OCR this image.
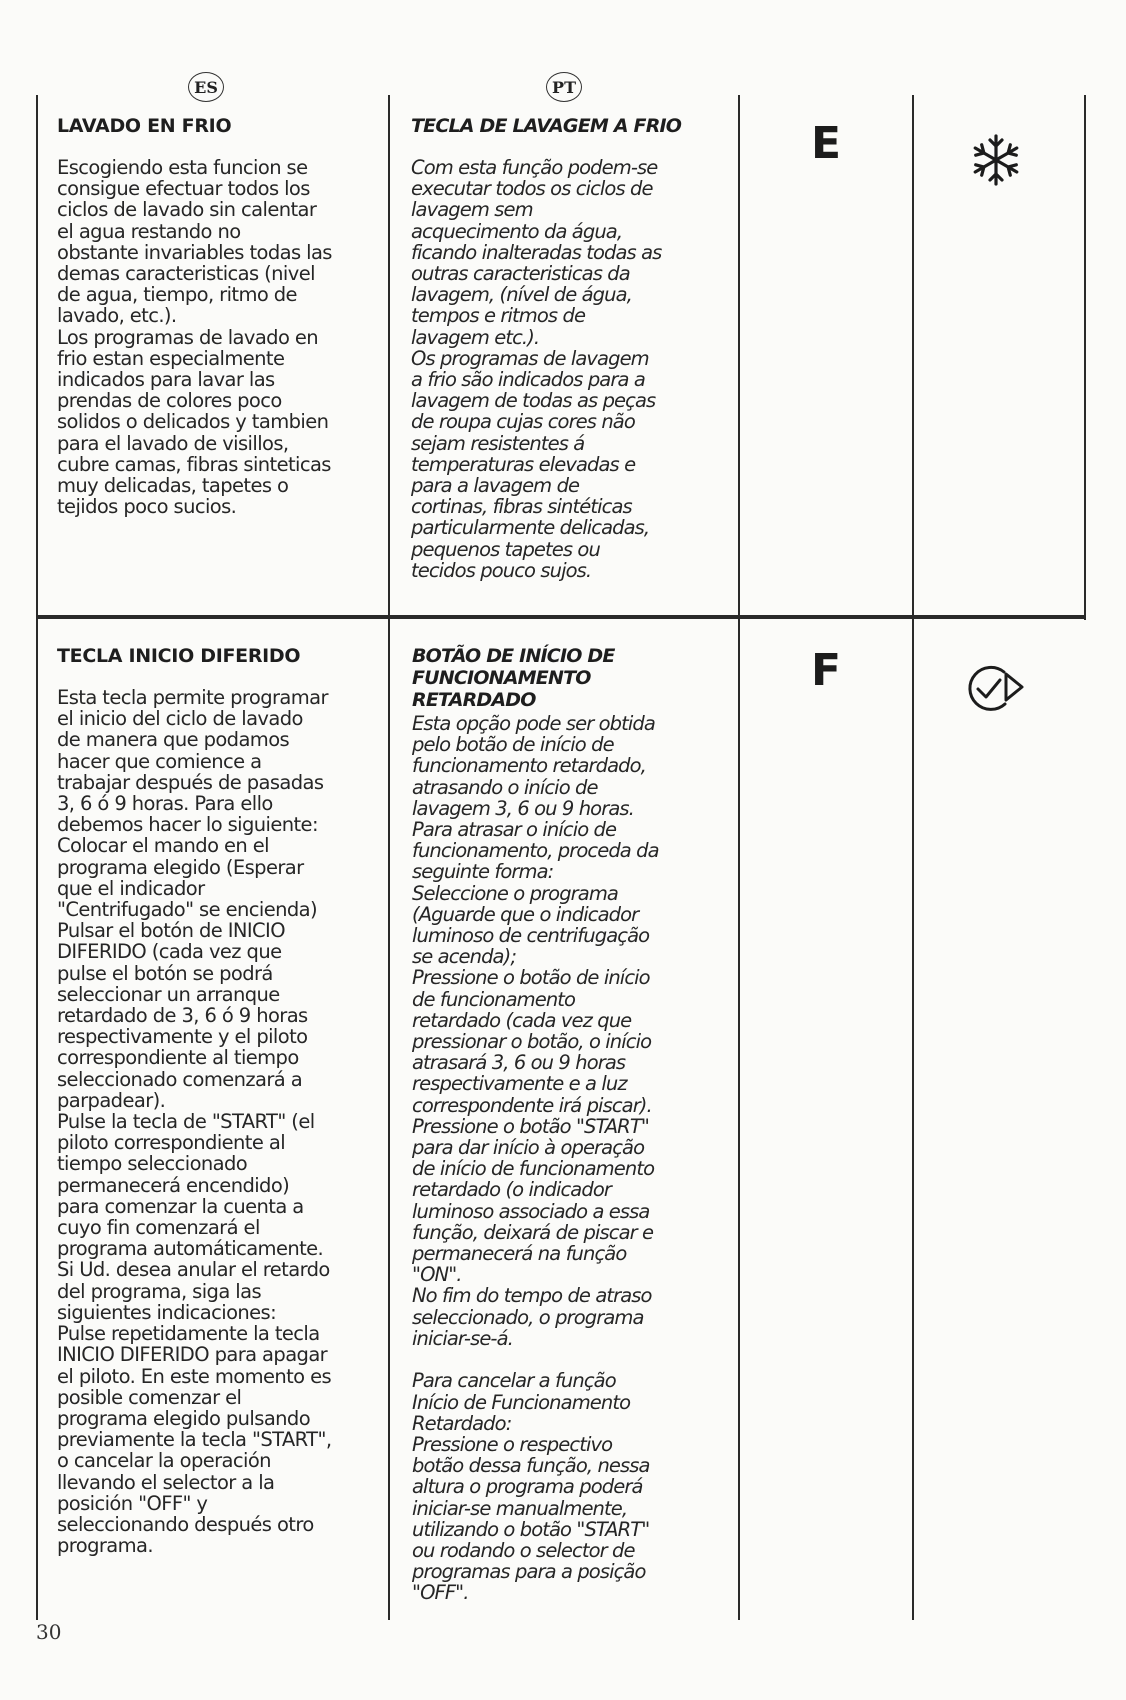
ES	PT

LAVADO EN FRIO

Escogiendo esta funcion se
consigue efectuar todos los
ciclos de lavado sin calentar
el agua restando no
obstante invariables todas las
demas caracteristicas (nivel
de agua, tiempo, ritmo de
lavado, etc.).
Los programas de lavado en
frio estan especialmente
indicados para lavar las
prendas de colores poco
solidos o delicados y tambien
para el lavado de visillos,
cubre camas, fibras sinteticas
muy delicadas, tapetes o
tejidos poco sucios.

TECLA DE LAVAGEM A FRIO

Com esta função podem-se
executar todos os ciclos de
lavagem sem
acquecimento da água,
ficando inalteradas todas as
outras caracteristicas da
lavagem, (nível de água,
tempos e ritmos de
lavagem etc.).
Os programas de lavagem
a frio são indicados para a
lavagem de todas as peças
de roupa cujas cores não
sejam resistentes á
temperaturas elevadas e
para a lavagem de
cortinas, fibras sintéticas
particularmente delicadas,
pequenos tapetes ou
tecidos pouco sujos.

E

TECLA INICIO DIFERIDO

Esta tecla permite programar
el inicio del ciclo de lavado
de manera que podamos
hacer que comience a
trabajar después de pasadas
3, 6 ó 9 horas. Para ello
debemos hacer lo siguiente:
Colocar el mando en el
programa elegido (Esperar
que el indicador
"Centrifugado" se encienda)
Pulsar el botón de INICIO
DIFERIDO (cada vez que
pulse el botón se podrá
seleccionar un arranque
retardado de 3, 6 ó 9 horas
respectivamente y el piloto
correspondiente al tiempo
seleccionado comenzará a
parpadear).
Pulse la tecla de "START" (el
piloto correspondiente al
tiempo seleccionado
permanecerá encendido)
para comenzar la cuenta a
cuyo fin comenzará el
programa automáticamente.
Si Ud. desea anular el retardo
del programa, siga las
siguientes indicaciones:
Pulse repetidamente la tecla
INICIO DIFERIDO para apagar
el piloto. En este momento es
posible comenzar el
programa elegido pulsando
previamente la tecla "START",
o cancelar la operación
llevando el selector a la
posición "OFF" y
seleccionando después otro
programa.

BOTÃO DE INÍCIO DE
FUNCIONAMENTO
RETARDADO

Esta opção pode ser obtida
pelo botão de início de
funcionamento retardado,
atrasando o início de
lavagem 3, 6 ou 9 horas.
Para atrasar o início de
funcionamento, proceda da
seguinte forma:
Seleccione o programa
(Aguarde que o indicador
luminoso de centrifugação
se acenda);
Pressione o botão de início
de funcionamento
retardado (cada vez que
pressionar o botão, o início
atrasará 3, 6 ou 9 horas
respectivamente e a luz
correspondente irá piscar).
Pressione o botão "START"
para dar início à operação
de início de funcionamento
retardado (o indicador
luminoso associado a essa
função, deixará de piscar e
permanecerá na função
"ON".
No fim do tempo de atraso
seleccionado, o programa
iniciar-se-á.

Para cancelar a função
Início de Funcionamento
Retardado:
Pressione o respectivo
botão dessa função, nessa
altura o programa poderá
iniciar-se manualmente,
utilizando o botão "START"
ou rodando o selector de
programas para a posição
"OFF".

F
30
